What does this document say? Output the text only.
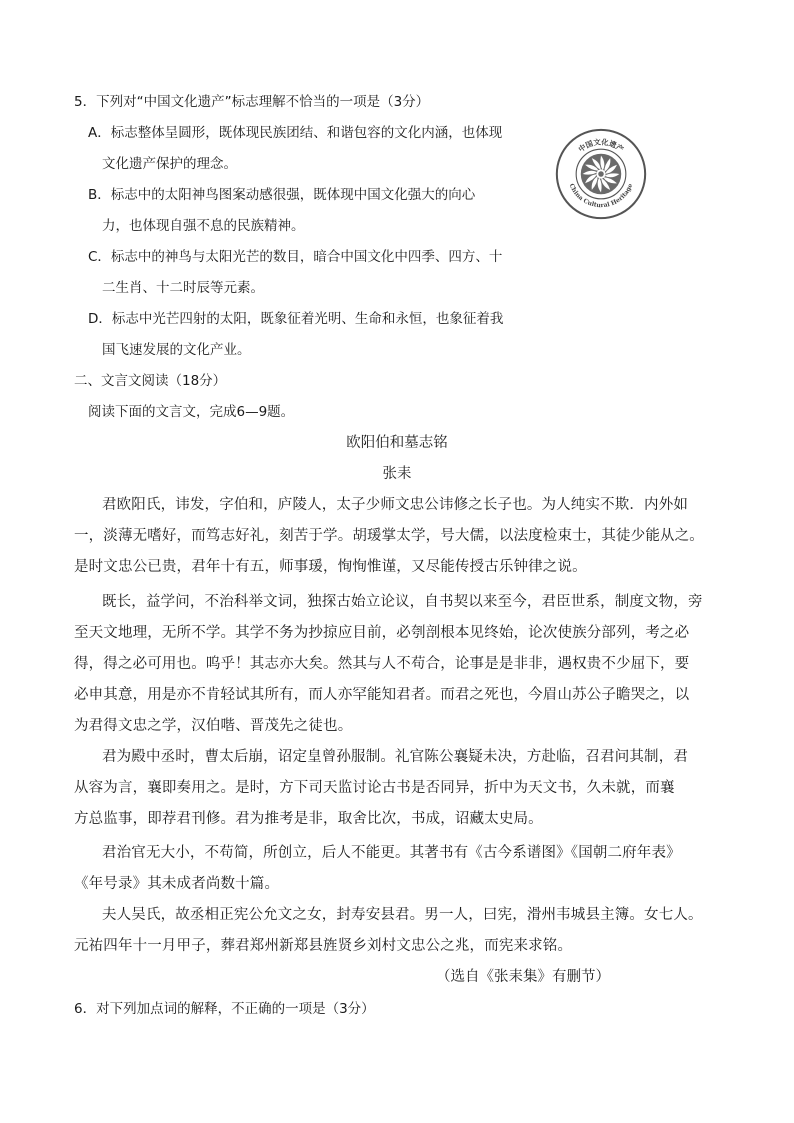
5．下列对“中国文化遗产”标志理解不恰当的一项是（3分）
A．标志整体呈圆形，既体现民族团结、和谐包容的文化内涵，也体现
文化遗产保护的理念。
B．标志中的太阳神鸟图案动感很强，既体现中国文化强大的向心
力，也体现自强不息的民族精神。
C．标志中的神鸟与太阳光芒的数目，暗合中国文化中四季、四方、十
二生肖、十二时辰等元素。
D．标志中光芒四射的太阳，既象征着光明、生命和永恒，也象征着我
国飞速发展的文化产业。
中国文化遗产
China Cultural Heritage
二、文言文阅读（18分）
阅读下面的文言文，完成6—9题。
欧阳伯和墓志铭
张耒
君欧阳氏，讳发，字伯和，庐陵人，太子少师文忠公讳修之长子也。为人纯实不欺．内外如
一，淡薄无嗜好，而笃志好礼，刻苦于学。胡瑗掌太学，号大儒，以法度检束士，其徒少能从之。
是时文忠公已贵，君年十有五，师事瑗，恂恂惟谨，又尽能传授古乐钟律之说。
既长，益学问，不治科举文词，独探古始立论议，自书契以来至今，君臣世系，制度文物，旁
至天文地理，无所不学。其学不务为抄掠应目前，必刳剖根本见终始，论次使族分部列，考之必
得，得之必可用也。呜乎！其志亦大矣。然其与人不苟合，论事是是非非，遇权贵不少屈下，要
必申其意，用是亦不肯轻试其所有，而人亦罕能知君者。而君之死也，今眉山苏公子瞻哭之，以
为君得文忠之学，汉伯喈、晋茂先之徒也。
君为殿中丞时，曹太后崩，诏定皇曾孙服制。礼官陈公襄疑未决，方赴临，召君问其制，君
从容为言，襄即奏用之。是时，方下司天监讨论古书是否同异，折中为天文书，久未就，而襄
方总监事，即荐君刊修。君为推考是非，取舍比次，书成，诏藏太史局。
君治官无大小，不苟简，所创立，后人不能更。其著书有《古今系谱图》《国朝二府年表》
《年号录》其未成者尚数十篇。
夫人吴氏，故丞相正宪公允文之女，封寿安县君。男一人，曰宪，滑州韦城县主簿。女七人。
元祐四年十一月甲子，葬君郑州新郑县旌贤乡刘村文忠公之兆，而宪来求铭。
（选自《张耒集》有删节）
6．对下列加点词的解释，不正确的一项是（3分）
